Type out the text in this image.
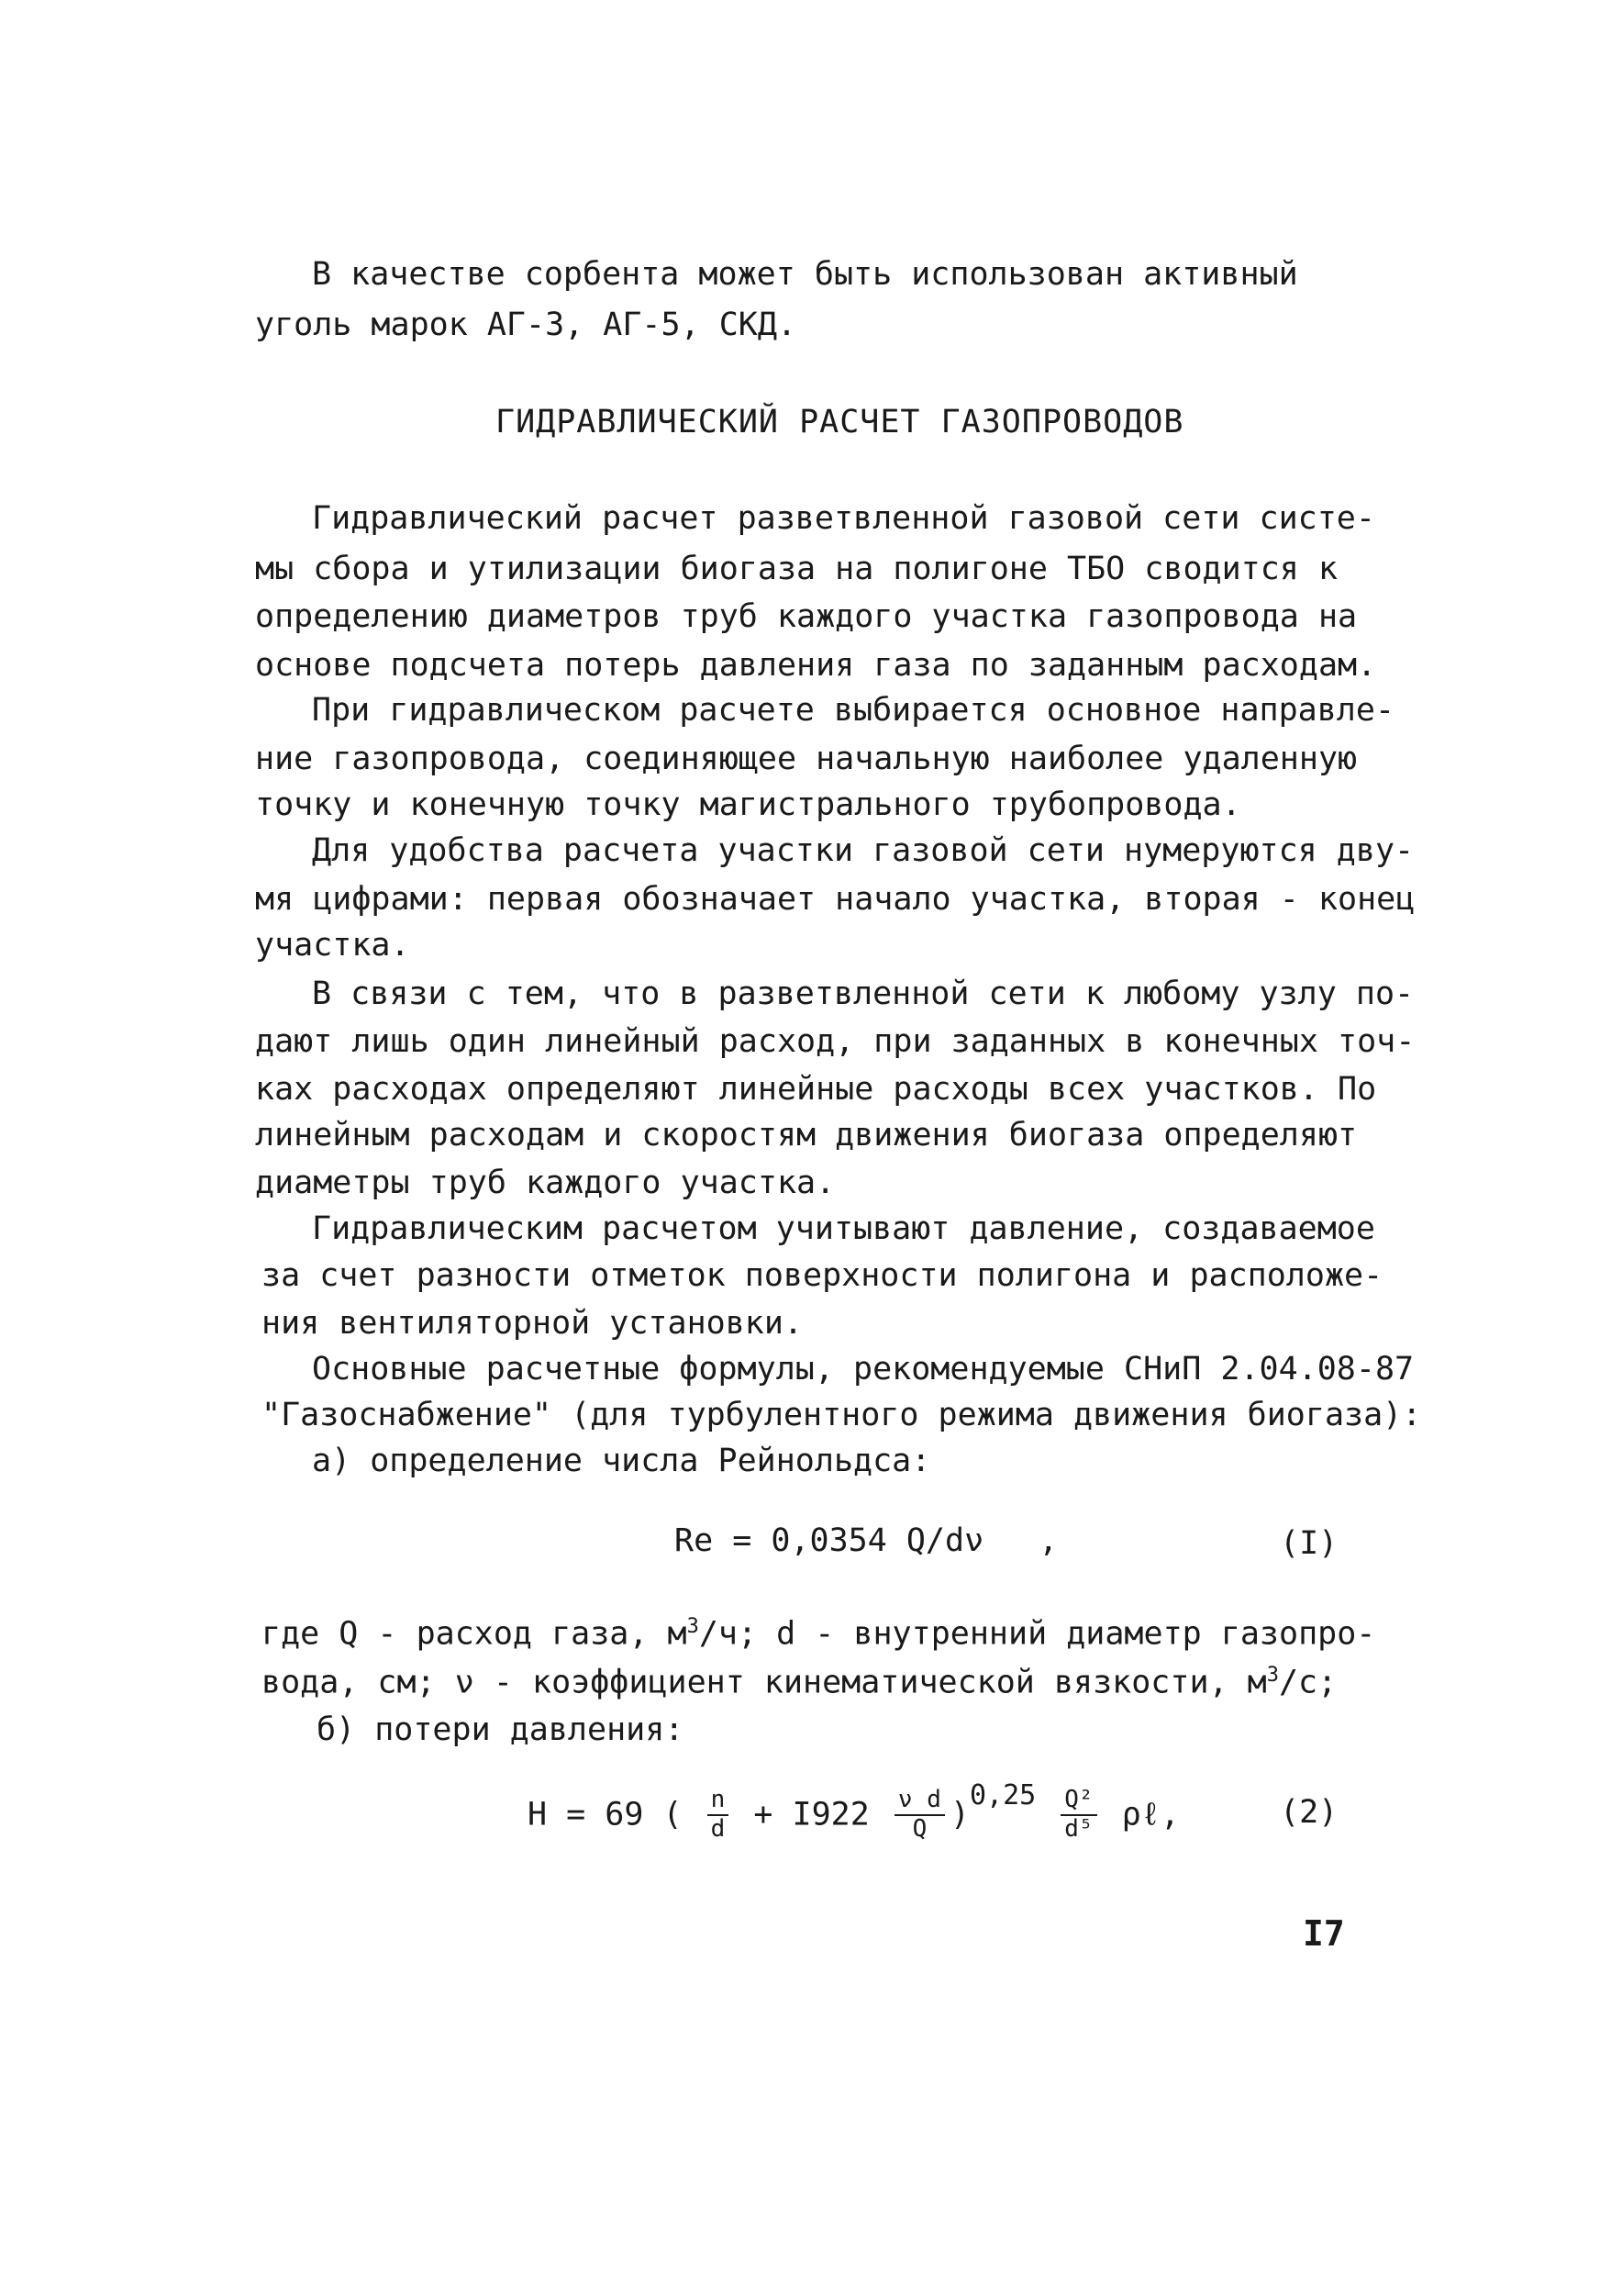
В качестве сорбента может быть использован активный
уголь марок АГ-3, АГ-5, СКД.
ГИДРАВЛИЧЕСКИЙ РАСЧЕТ ГАЗОПРОВОДОВ
Гидравлический расчет разветвленной газовой сети систе-
мы сбора и утилизации биогаза на полигоне ТБО сводится к
определению диаметров труб каждого участка газопровода на
основе подсчета потерь давления газа по заданным расходам.
При гидравлическом расчете выбирается основное направле-
ние газопровода, соединяющее начальную наиболее удаленную
точку и конечную точку магистрального трубопровода.
Для удобства расчета участки газовой сети нумеруются дву-
мя цифрами: первая обозначает начало участка, вторая - конец
участка.
В связи с тем, что в разветвленной сети к любому узлу по-
дают лишь один линейный расход, при заданных в конечных точ-
ках расходах определяют линейные расходы всех участков. По
линейным расходам и скоростям движения биогаза определяют
диаметры труб каждого участка.
Гидравлическим расчетом учитывают давление, создаваемое
за счет разности отметок поверхности полигона и расположе-
ния вентиляторной установки.
Основные расчетные формулы, рекомендуемые СНиП 2.04.08-87
"Газоснабжение" (для турбулентного режима движения биогаза):
а) определение числа Рейнольдса:
Re = 0,0354 Q/dν ,	(I)
где Q - расход газа, $м^3/ч$; d - внутренний диаметр газопро-
вода, см; ν - коэффициент кинематической вязкости, $м^3/с$;
б) потери давления:
H = 69 ( $\frac{n}{d} + I922 \frac{\text{ν d}}{Q} )^{0,25} \frac{\text{Q²}}{\text{d⁵}}$ ρℓ,	(2)
I7
